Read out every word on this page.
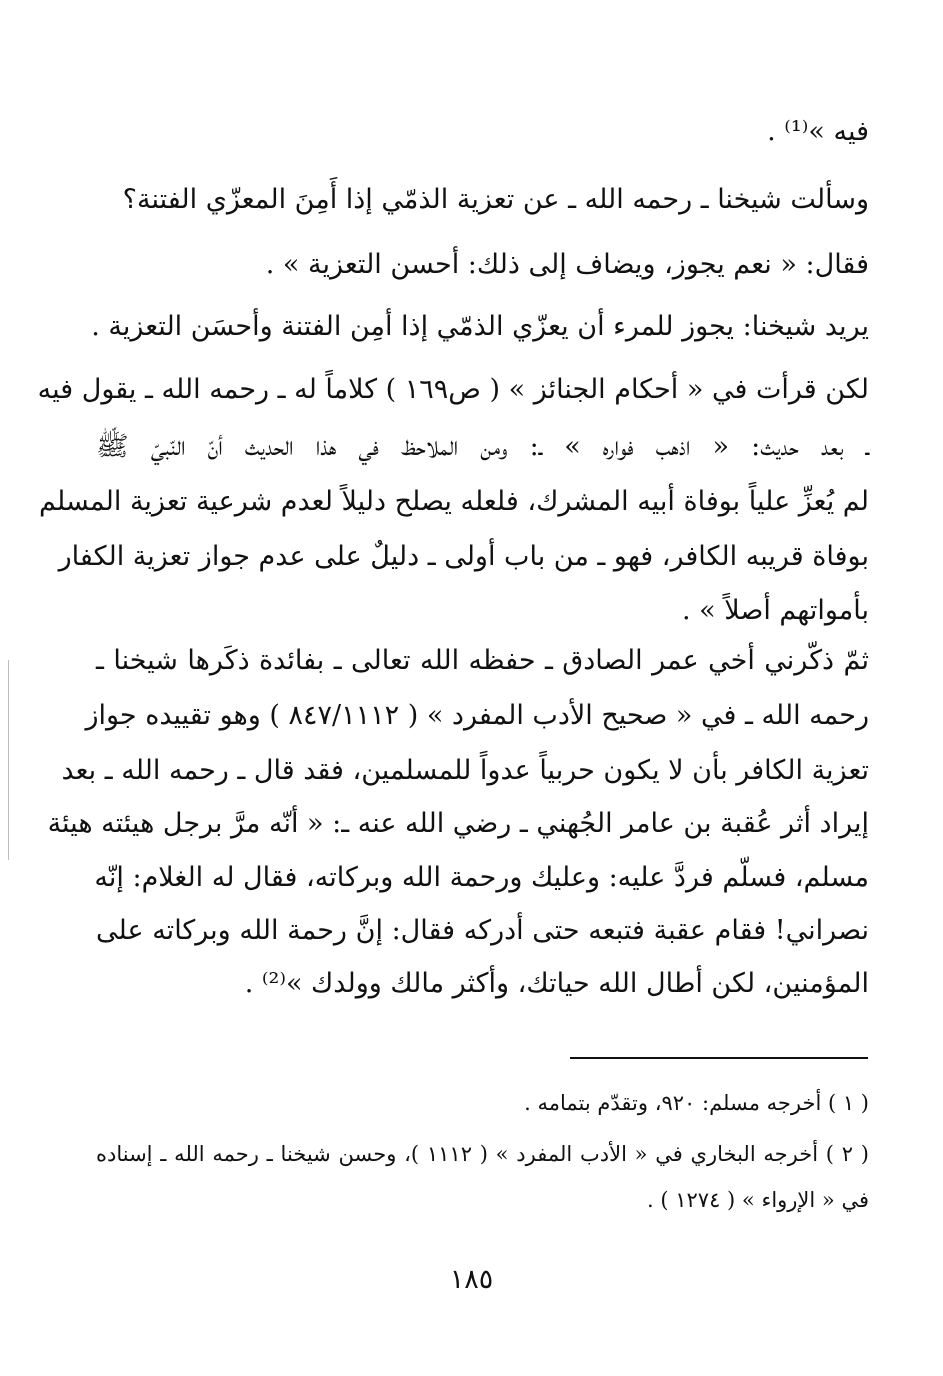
فيه »⁽¹⁾ .
وسألت شيخنا ـ رحمه الله ـ عن تعزية الذمّي إذا أَمِنَ المعزّي الفتنة؟
فقال: « نعم يجوز، ويضاف إلى ذلك: أحسن التعزية » .
يريد شيخنا: يجوز للمرء أن يعزّي الذمّي إذا أمِن الفتنة وأحسَن التعزية .
لكن قرأت في « أحكام الجنائز » ( ص١٦٩ ) كلاماً له ـ رحمه الله ـ يقول فيه
ـ بعد حديث: « اذهب فواره » ـ: ومن الملاحظ في هذا الحديث أنّ النّبيّ ﷺ
لم يُعزِّ علياً بوفاة أبيه المشرك، فلعله يصلح دليلاً لعدم شرعية تعزية المسلم
بوفاة قريبه الكافر، فهو ـ من باب أولى ـ دليلٌ على عدم جواز تعزية الكفار
بأمواتهم أصلاً » .
ثمّ ذكّرني أخي عمر الصادق ـ حفظه الله تعالى ـ بفائدة ذكَرها شيخنا ـ
رحمه الله ـ في « صحيح الأدب المفرد » ( ٨٤٧/١١١٢ ) وهو تقييده جواز
تعزية الكافر بأن لا يكون حربياً عدواً للمسلمين، فقد قال ـ رحمه الله ـ بعد
إيراد أثر عُقبة بن عامر الجُهني ـ رضي الله عنه ـ: « أنّه مرَّ برجل هيئته هيئة
مسلم، فسلّم فردَّ عليه: وعليك ورحمة الله وبركاته، فقال له الغلام: إنّه
نصراني! فقام عقبة فتبعه حتى أدركه فقال: إنَّ رحمة الله وبركاته على
المؤمنين، لكن أطال الله حياتك، وأكثر مالك وولدك »⁽²⁾ .
( ١ ) أخرجه مسلم: ٩٢٠، وتقدّم بتمامه .
( ٢ ) أخرجه البخاري في « الأدب المفرد » ( ١١١٢ )، وحسن شيخنا ـ رحمه الله ـ إسناده
في « الإرواء » ( ١٢٧٤ ) .
١٨٥
